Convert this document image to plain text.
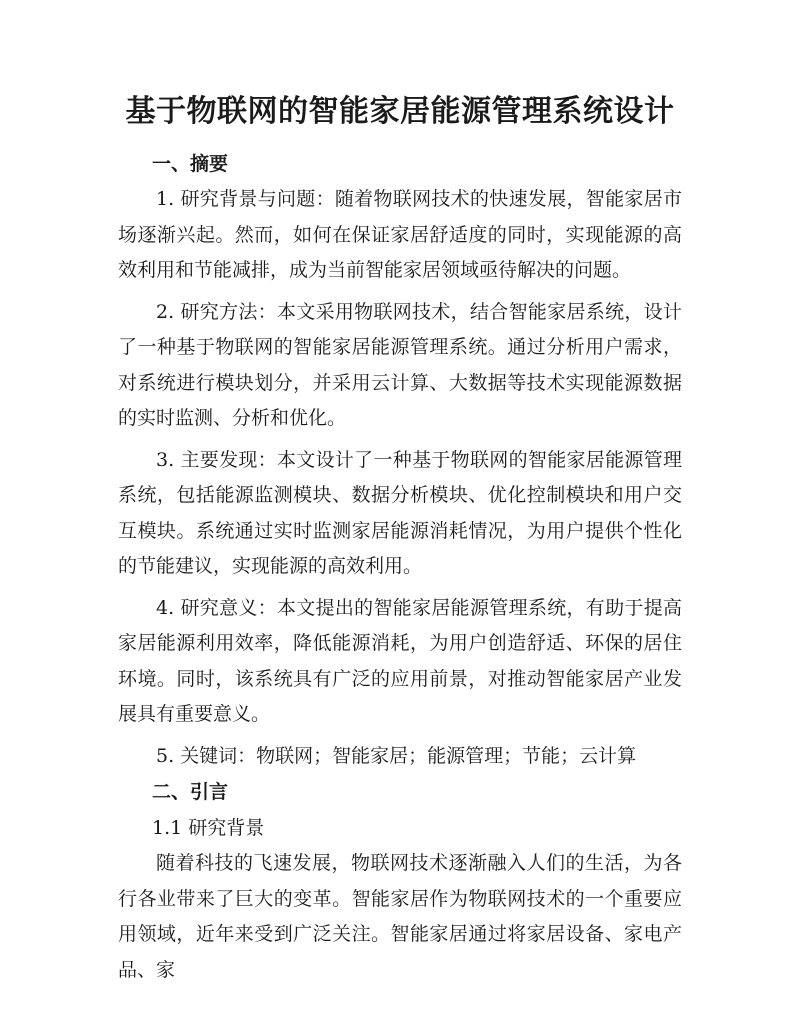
基于物联网的智能家居能源管理系统设计
一、摘要

1. 研究背景与问题：随着物联网技术的快速发展，智能家居市场逐渐兴起。然而，如何在保证家居舒适度的同时，实现能源的高效利用和节能减排，成为当前智能家居领域亟待解决的问题。

2. 研究方法：本文采用物联网技术，结合智能家居系统，设计了一种基于物联网的智能家居能源管理系统。通过分析用户需求，对系统进行模块划分，并采用云计算、大数据等技术实现能源数据的实时监测、分析和优化。

3. 主要发现：本文设计了一种基于物联网的智能家居能源管理系统，包括能源监测模块、数据分析模块、优化控制模块和用户交互模块。系统通过实时监测家居能源消耗情况，为用户提供个性化的节能建议，实现能源的高效利用。

4. 研究意义：本文提出的智能家居能源管理系统，有助于提高家居能源利用效率，降低能源消耗，为用户创造舒适、环保的居住环境。同时，该系统具有广泛的应用前景，对推动智能家居产业发展具有重要意义。

5. 关键词：物联网；智能家居；能源管理；节能；云计算

二、引言

1.1 研究背景

随着科技的飞速发展，物联网技术逐渐融入人们的生活，为各行各业带来了巨大的变革。智能家居作为物联网技术的一个重要应用领域，近年来受到广泛关注。智能家居通过将家居设备、家电产品、家
